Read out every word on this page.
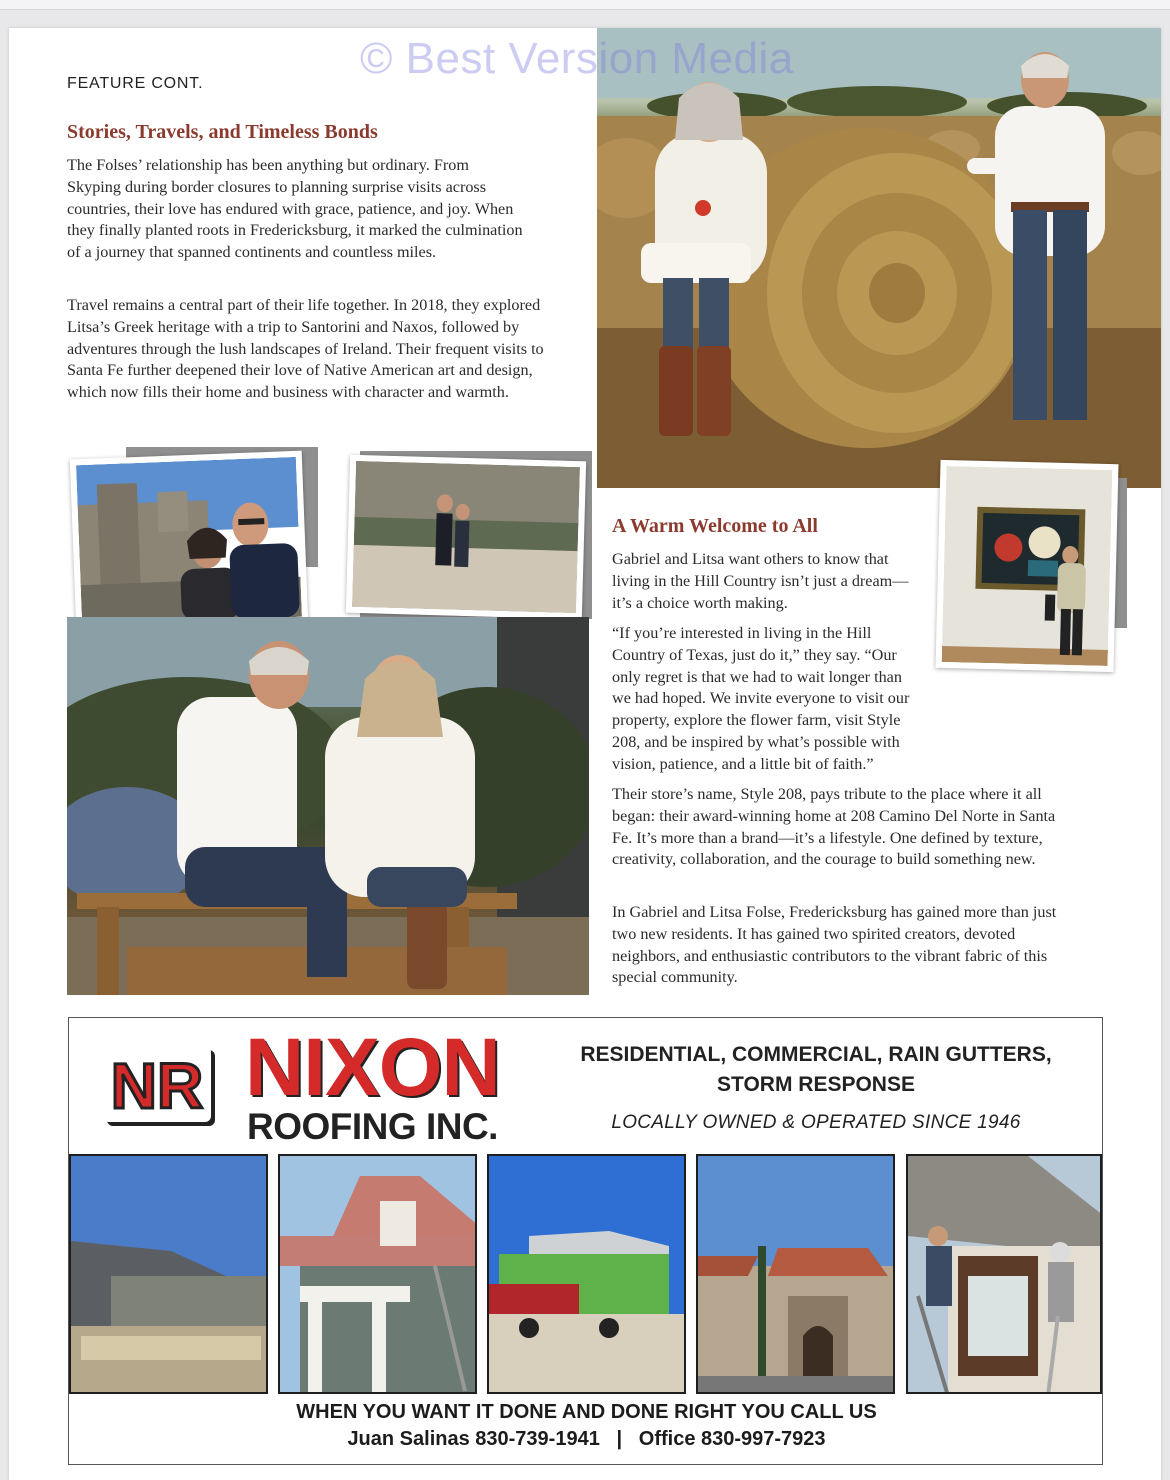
© Best Version Media
FEATURE CONT.
Stories, Travels, and Timeless Bonds

The Folses’ relationship has been anything but ordinary. From Skyping during border closures to planning surprise visits across countries, their love has endured with grace, patience, and joy. When they finally planted roots in Fredericksburg, it marked the culmination of a journey that spanned continents and countless miles.

Travel remains a central part of their life together. In 2018, they explored Litsa’s Greek heritage with a trip to Santorini and Naxos, followed by adventures through the lush landscapes of Ireland. Their frequent visits to Santa Fe further deepened their love of Native American art and design, which now fills their home and business with character and warmth.

A Warm Welcome to All

Gabriel and Litsa want others to know that living in the Hill Country isn’t just a dream—it’s a choice worth making.

“If you’re interested in living in the Hill Country of Texas, just do it,” they say. “Our only regret is that we had to wait longer than we had hoped. We invite everyone to visit our property, explore the flower farm, visit Style 208, and be inspired by what’s possible with vision, patience, and a little bit of faith.”

Their store’s name, Style 208, pays tribute to the place where it all began: their award-winning home at 208 Camino Del Norte in Santa Fe. It’s more than a brand—it’s a lifestyle. One defined by texture, creativity, collaboration, and the courage to build something new.

In Gabriel and Litsa Folse, Fredericksburg has gained more than just two new residents. It has gained two spirited creators, devoted neighbors, and enthusiastic contributors to the vibrant fabric of this special community.

NR NIXON
ROOFING INC.
RESIDENTIAL, COMMERCIAL, RAIN GUTTERS,
STORM RESPONSE
LOCALLY OWNED & OPERATED SINCE 1946
WHEN YOU WANT IT DONE AND DONE RIGHT YOU CALL US
Juan Salinas 830-739-1941   |   Office 830-997-7923
